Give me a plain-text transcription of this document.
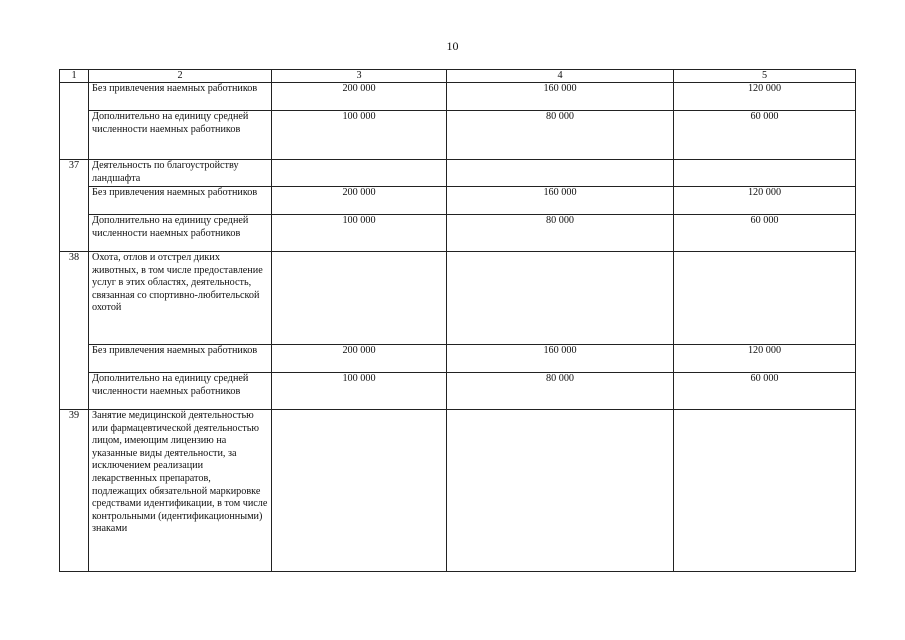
10
1	2	3	4	5
	Без привлечения наемных работников	200 000	160 000	120 000
	Дополнительно на единицу средней численности наемных работников	100 000	80 000	60 000
37	Деятельность по благоустройству ландшафта			
	Без привлечения наемных работников	200 000	160 000	120 000
	Дополнительно на единицу средней численности наемных работников	100 000	80 000	60 000
38	Охота, отлов и отстрел диких животных, в том числе предоставление услуг в этих областях, деятельность, связанная со спортивно-любительской охотой			
	Без привлечения наемных работников	200 000	160 000	120 000
	Дополнительно на единицу средней численности наемных работников	100 000	80 000	60 000
39	Занятие медицинской деятельностью или фармацевтической деятельностью лицом, имеющим лицензию на указанные виды деятельности, за исключением реализации лекарственных препаратов, подлежащих обязательной маркировке средствами идентификации, в том числе контрольными (идентификационными) знаками			
